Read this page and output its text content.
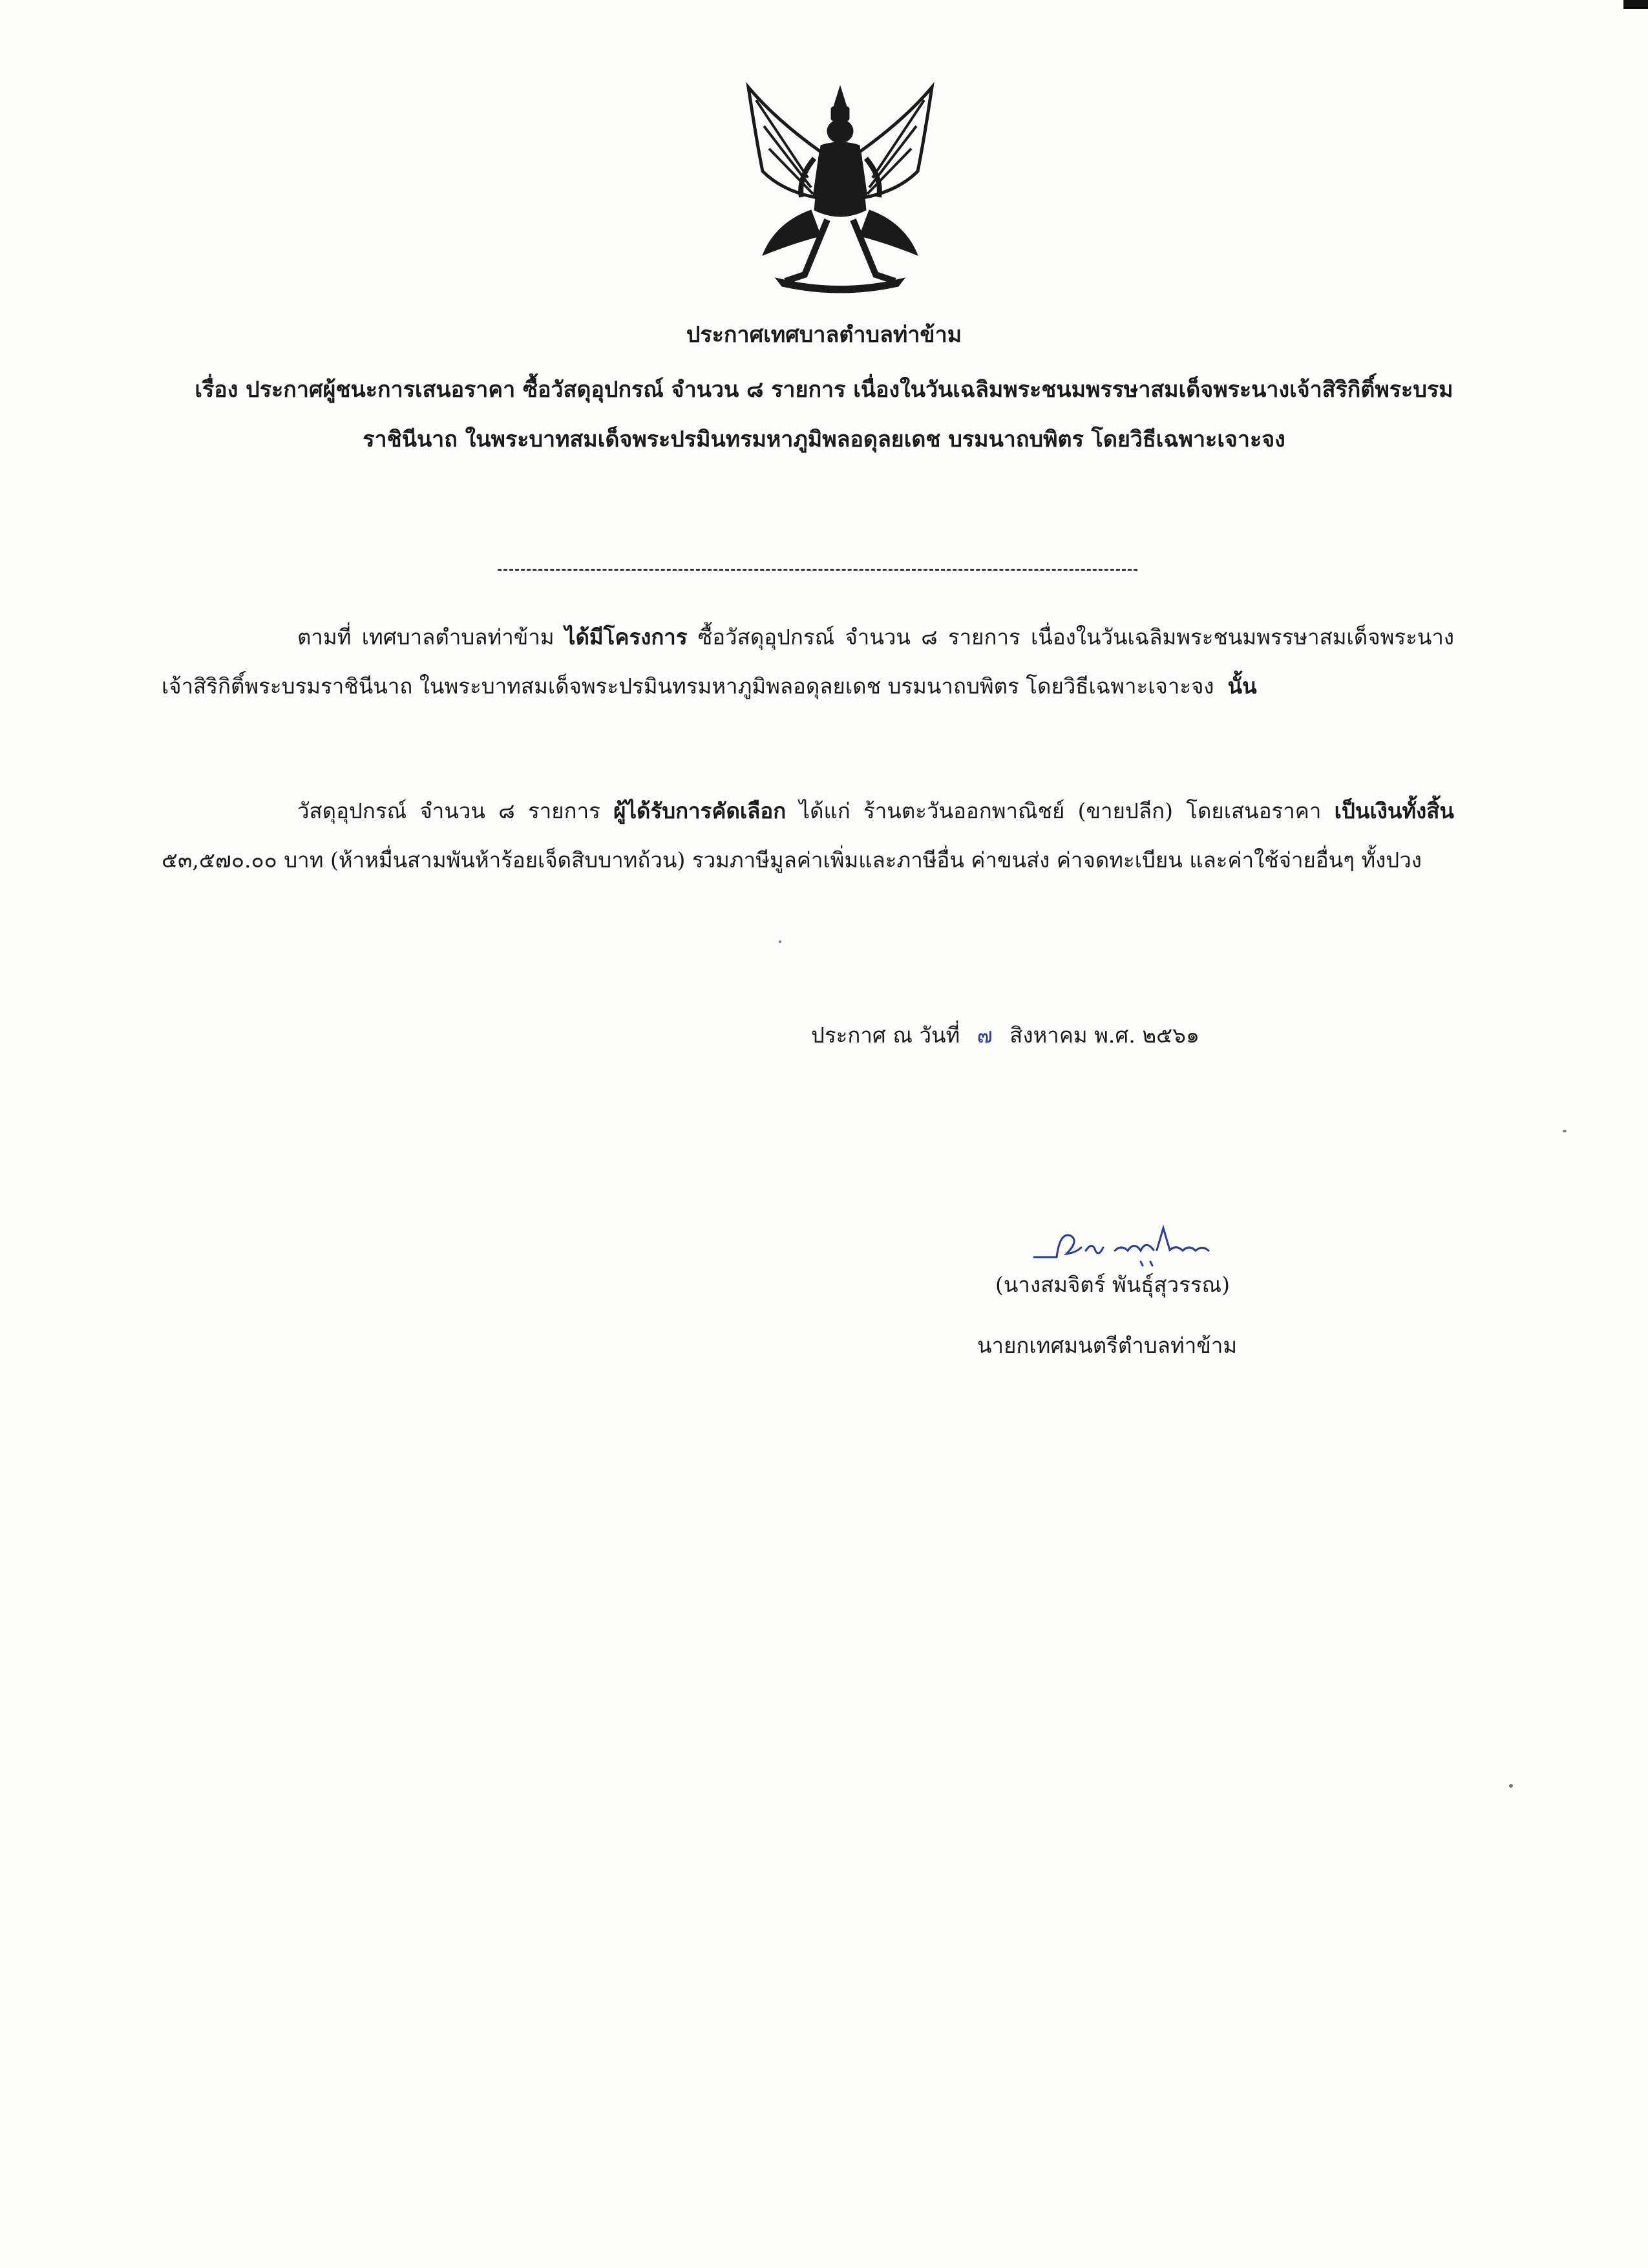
ประกาศเทศบาลตำบลท่าข้าม

เรื่อง ประกาศผู้ชนะการเสนอราคา ซื้อวัสดุอุปกรณ์ จำนวน ๘ รายการ เนื่องในวันเฉลิมพระชนมพรรษาสมเด็จพระนางเจ้าสิริกิติ์พระบรมราชินีนาถ ในพระบาทสมเด็จพระปรมินทรมหาภูมิพลอดุลยเดช บรมนาถบพิตร โดยวิธีเฉพาะเจาะจง

ตามที่ เทศบาลตำบลท่าข้าม ได้มีโครงการ ซื้อวัสดุอุปกรณ์ จำนวน ๘ รายการ เนื่องในวันเฉลิมพระชนมพรรษาสมเด็จพระนางเจ้าสิริกิติ์พระบรมราชินีนาถ ในพระบาทสมเด็จพระปรมินทรมหาภูมิพลอดุลยเดช บรมนาถบพิตร โดยวิธีเฉพาะเจาะจง นั้น

วัสดุอุปกรณ์ จำนวน ๘ รายการ ผู้ได้รับการคัดเลือก ได้แก่ ร้านตะวันออกพาณิชย์ (ขายปลีก) โดยเสนอราคา เป็นเงินทั้งสิ้น ๕๓,๕๗๐.๐๐ บาท (ห้าหมื่นสามพันห้าร้อยเจ็ดสิบบาทถ้วน) รวมภาษีมูลค่าเพิ่มและภาษีอื่น ค่าขนส่ง ค่าจดทะเบียน และค่าใช้จ่ายอื่นๆ ทั้งปวง

ประกาศ ณ วันที่ ๗ สิงหาคม พ.ศ. ๒๕๖๑

(นางสมจิตร์ พันธุ์สุวรรณ)

นายกเทศมนตรีตำบลท่าข้าม
